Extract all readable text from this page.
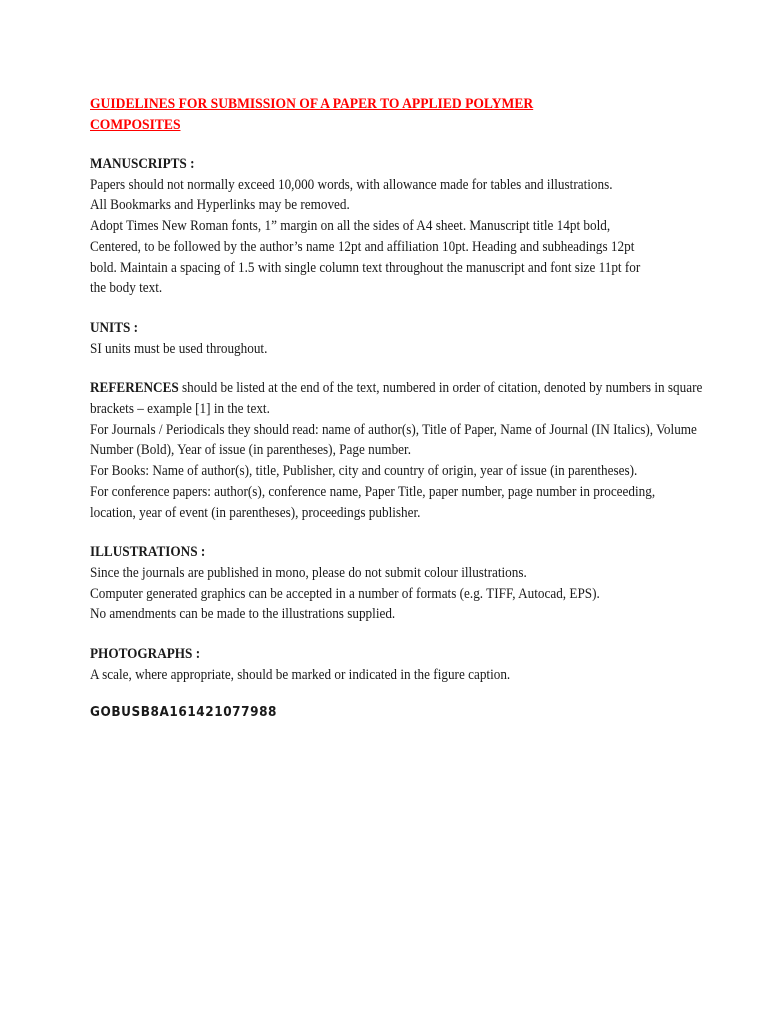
GUIDELINES FOR SUBMISSION OF A PAPER TO APPLIED POLYMER
COMPOSITES

MANUSCRIPTS :
Papers should not normally exceed 10,000 words, with allowance made for tables and illustrations.
All Bookmarks and Hyperlinks may be removed.
Adopt Times New Roman fonts, 1” margin on all the sides of A4 sheet. Manuscript title 14pt bold, Centered, to be followed by the author’s name 12pt and affiliation 10pt. Heading and subheadings 12pt bold. Maintain a spacing of 1.5 with single column text throughout the manuscript and font size 11pt for the body text.
UNITS :
SI units must be used throughout.
REFERENCES should be listed at the end of the text, numbered in order of citation, denoted by numbers in square brackets – example [1] in the text.
For Journals / Periodicals they should read: name of author(s), Title of Paper, Name of Journal (IN Italics), Volume Number (Bold), Year of issue (in parentheses), Page number.
For Books: Name of author(s), title, Publisher, city and country of origin, year of issue (in parentheses).
For conference papers: author(s), conference name, Paper Title, paper number, page number in proceeding, location, year of event (in parentheses), proceedings publisher.
ILLUSTRATIONS :
Since the journals are published in mono, please do not submit colour illustrations.
Computer generated graphics can be accepted in a number of formats (e.g. TIFF, Autocad, EPS).
No amendments can be made to the illustrations supplied.
PHOTOGRAPHS :
A scale, where appropriate, should be marked or indicated in the figure caption.
GOBUSB8A161421077988
